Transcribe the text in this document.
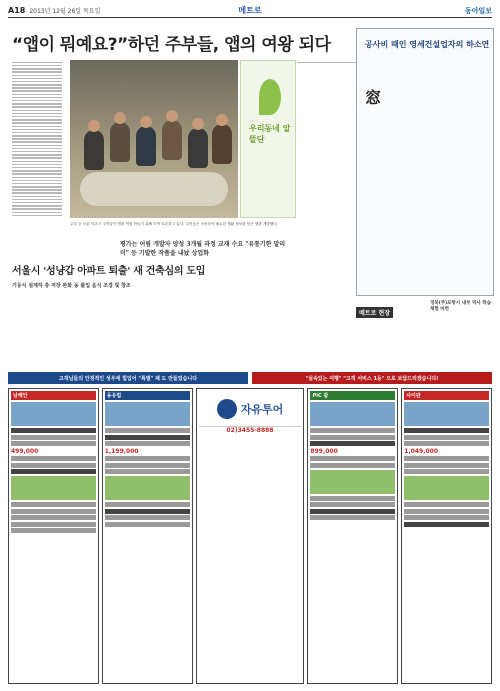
A18 2013년 12월 26일 목요일	메트로	동아일보
“앱이 뭐예요?”하던 주부들, 앱의 여왕 되다
우리동네 알뜰단
주부 등 서울 서초구 주민들이 앱을 직접 만들기 위해 모여 토론하고 있다. 주민들은 자신들이 필요한 생활 정보를 담은 앱을 개발했다.
평가는 어림 개발자 양성 3개월 과정 교재 수요 "유통기한 알리미" 등 기발한 작품을 내놨 상업화
공사비 때인 영세건설업자의 하소연
窓
서울시 '성냥갑 아파트 퇴출' 새 건축심의 도입
기둥식 설계하 층 저장 완화 동 출입 음식 조경 및 창조
메트로 현장
경북(주)포항시 내부 역사 학습체험 마련
고객님들의 안정적인 성우에 힘입어 "특별" 제 도 만들었습니다	"실속있는 여행" "고객 서비스 1등" 으로 보답드리겠습니다!
남해안
499,000
동유럽
1,199,000
자유투어
02)3455-8888
PIC 괌
899,000
사이판
1,049,000
